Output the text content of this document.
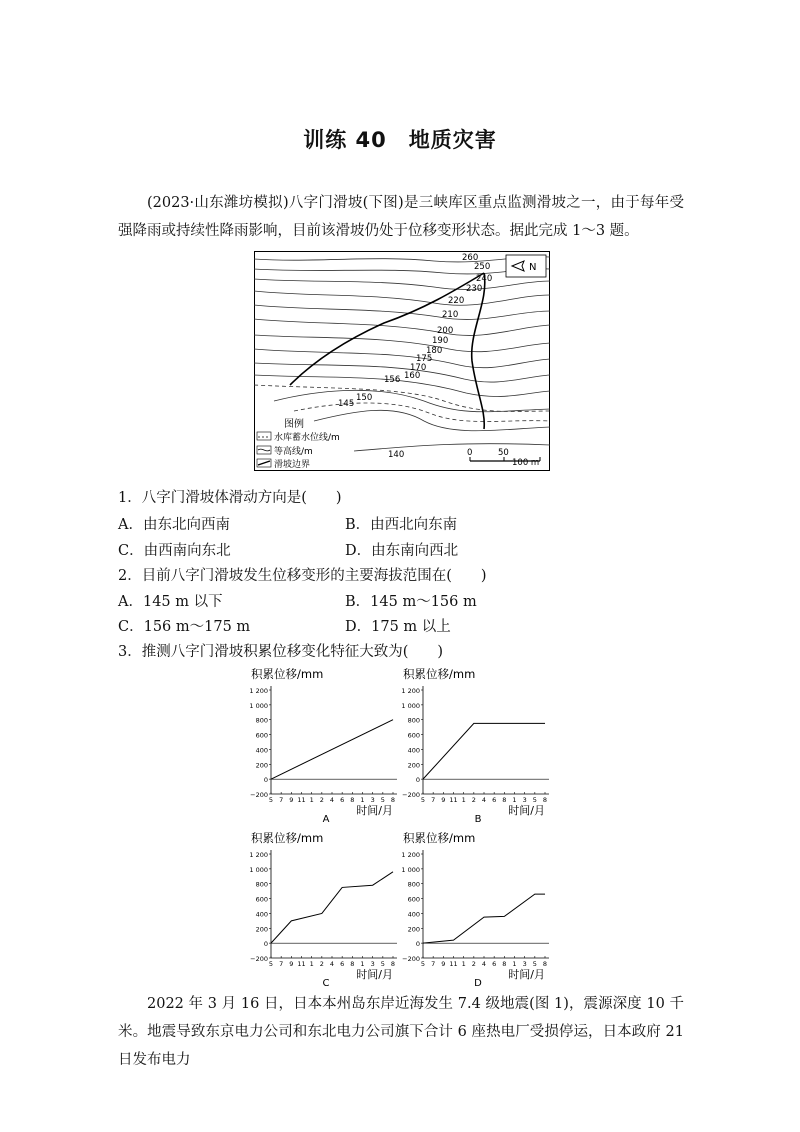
训练 40　地质灾害
(2023·山东潍坊模拟)八字门滑坡(下图)是三峡库区重点监测滑坡之一，由于每年受强降雨或持续性降雨影响，目前该滑坡仍处于位移变形状态。据此完成 1～3 题。
260
250
240
230
220
210
200
190
180
175
170
160
156
150
145
140
N
图例
水库蓄水位线/m
等高线/m
滑坡边界
0	50
100 m
1．八字门滑坡体滑动方向是(　　)
A．由东北向西南	B．由西北向东南
C．由西南向东北	D．由东南向西北
2．目前八字门滑坡发生位移变形的主要海拔范围在(　　)
A．145 m 以下	B．145 m～156 m
C．156 m～175 m	D．175 m 以上
3．推测八字门滑坡积累位移变化特征大致为(　　)
积累位移/mm
1 200
1 000
800
600
400
200
0
−200
5 7 9 11 1 2 4 6 8 1 3 5 8
时间/月
A
积累位移/mm
1 200
1 000
800
600
400
200
0
−200
5 7 9 11 1 2 4 6 8 1 3 5 8
时间/月
B
积累位移/mm
1 200
1 000
800
600
400
200
0
−200
5 7 9 11 1 2 4 6 8 1 3 5 8
时间/月
C
积累位移/mm
1 200
1 000
800
600
400
200
0
−200
5 7 9 11 1 2 4 6 8 1 3 5 8
时间/月
D
2022 年 3 月 16 日，日本本州岛东岸近海发生 7.4 级地震(图 1)，震源深度 10 千米。地震导致东京电力公司和东北电力公司旗下合计 6 座热电厂受损停运，日本政府 21 日发布电力
